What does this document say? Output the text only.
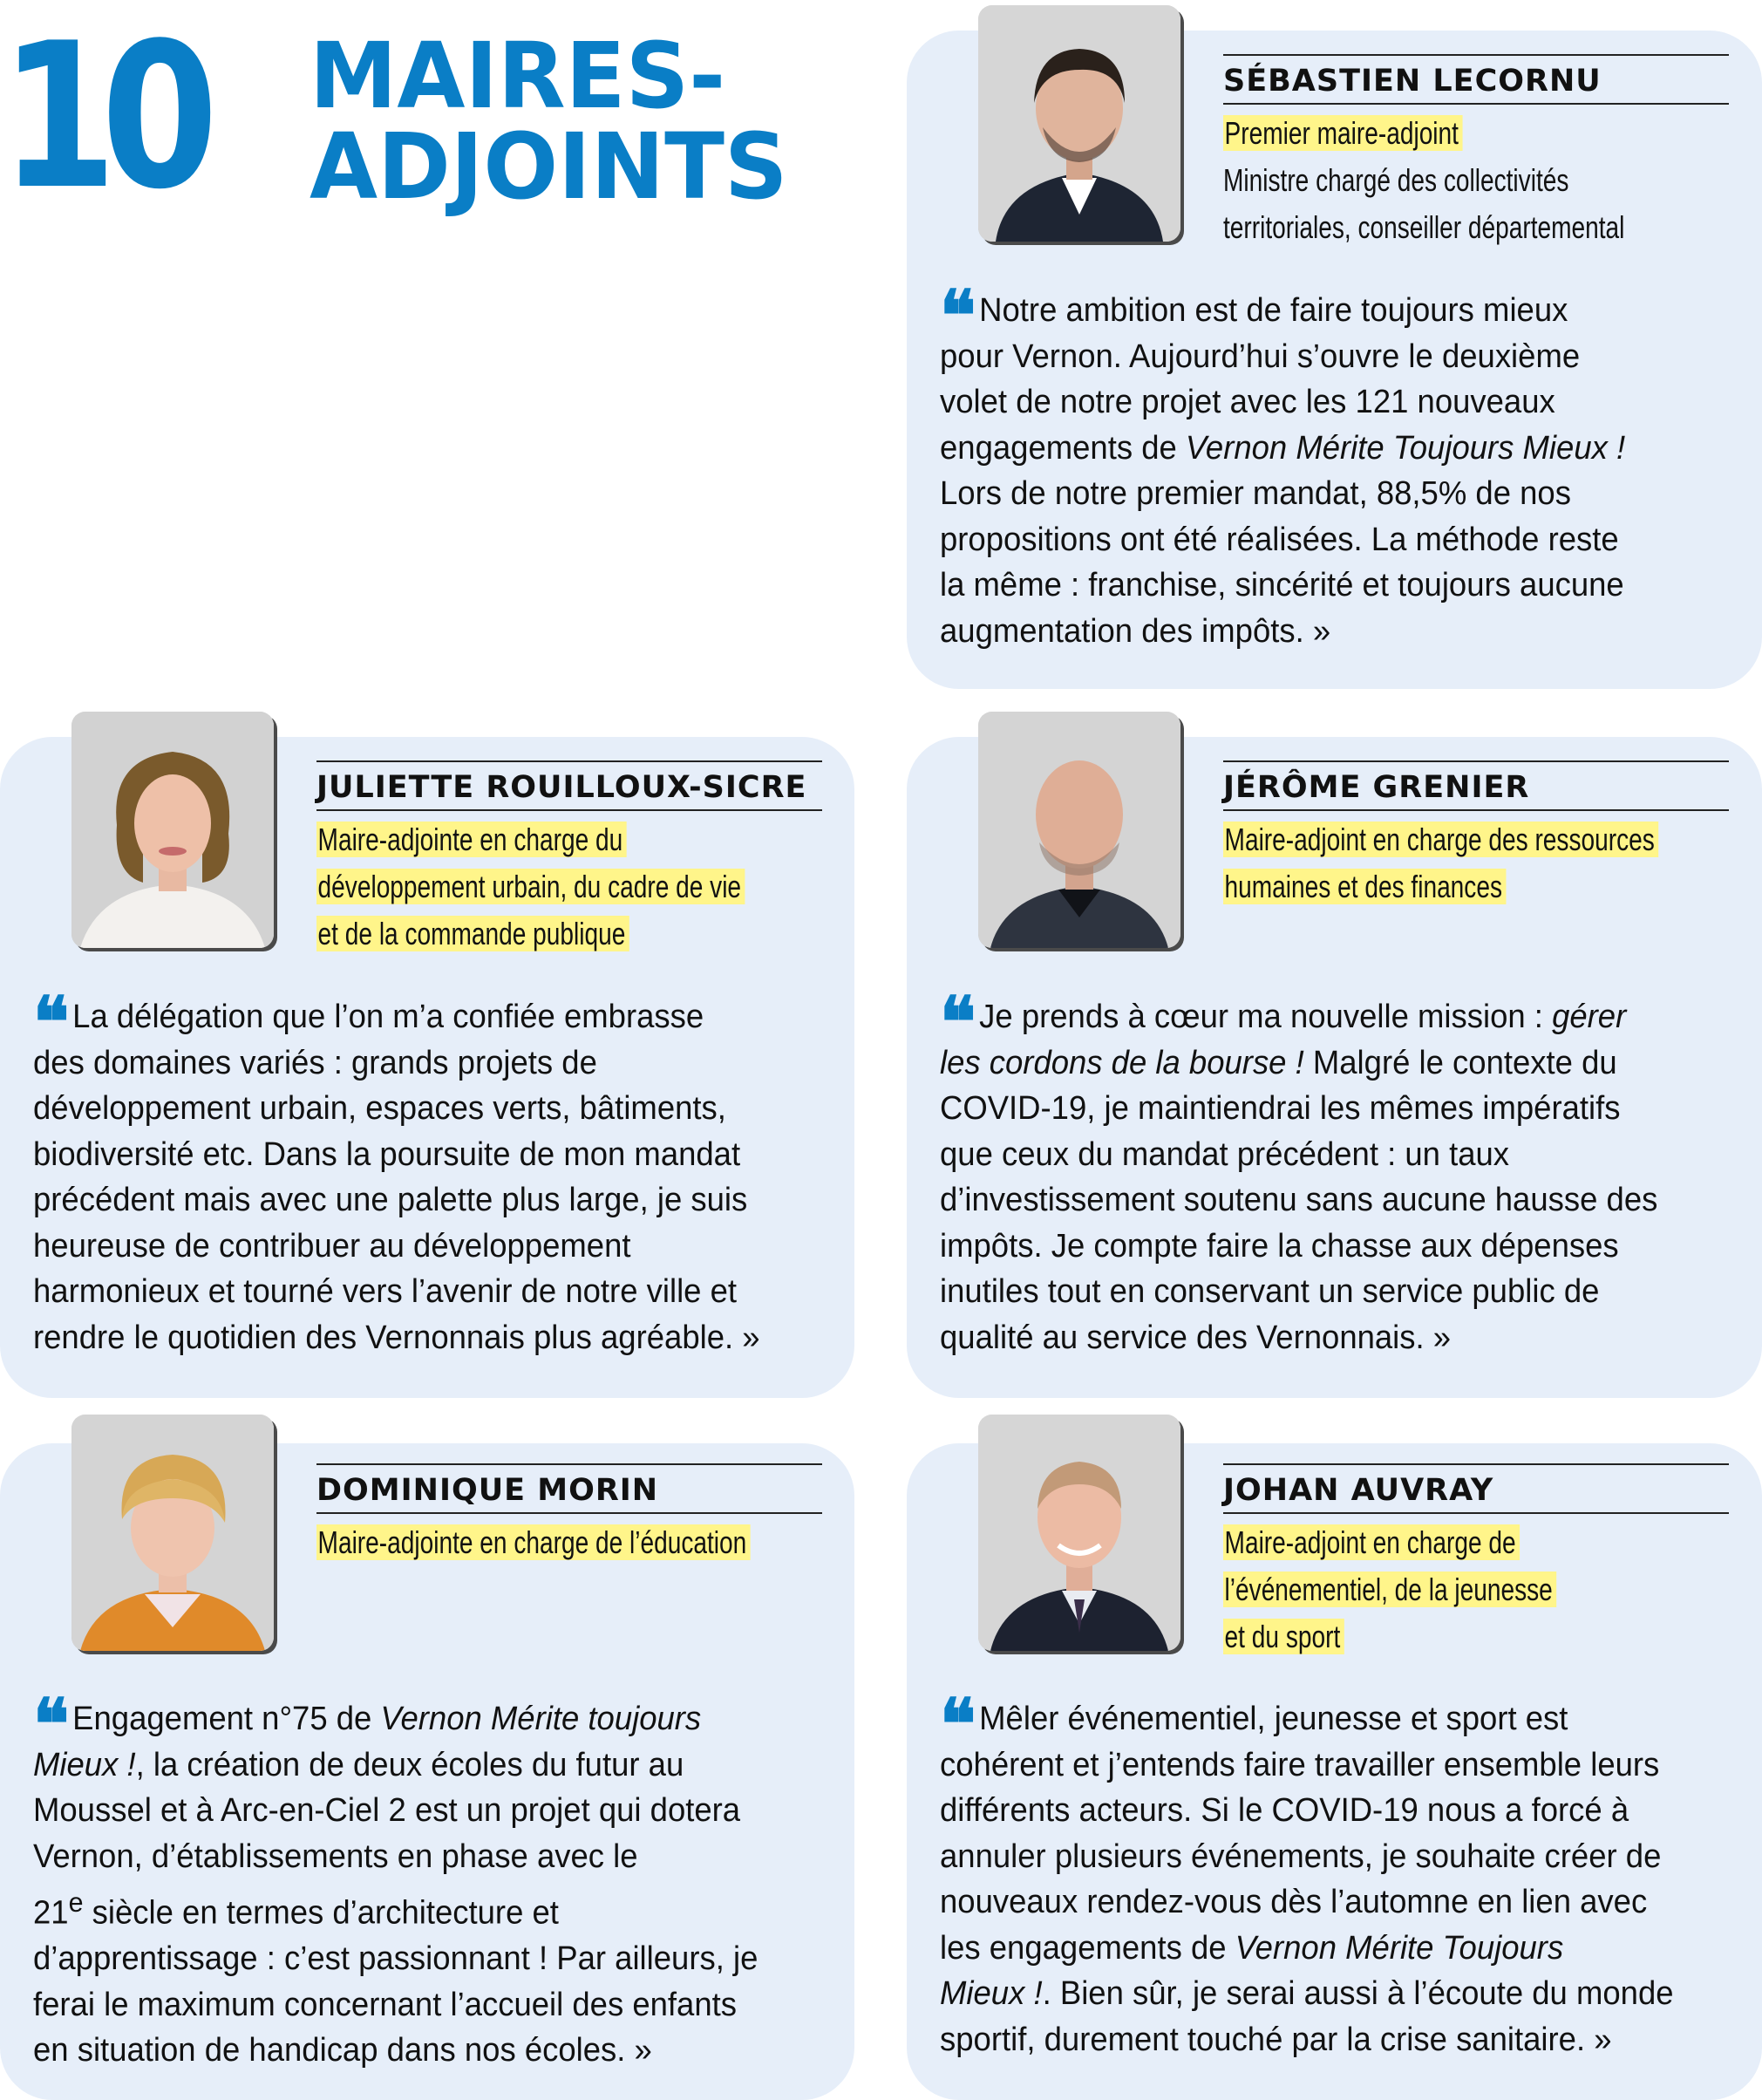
10 MAIRES-
ADJOINTS
SÉBASTIEN LECORNU
Premier maire-adjoint
Ministre chargé des collectivités
territoriales, conseiller départemental
❝ Notre ambition est de faire toujours mieux
pour Vernon. Aujourd’hui s’ouvre le deuxième
volet de notre projet avec les 121 nouveaux
engagements de Vernon Mérite Toujours Mieux !
Lors de notre premier mandat, 88,5% de nos
propositions ont été réalisées. La méthode reste
la même : franchise, sincérité et toujours aucune
augmentation des impôts. »
JULIETTE ROUILLOUX-SICRE
Maire-adjointe en charge du
développement urbain, du cadre de vie
et de la commande publique
❝ La délégation que l’on m’a confiée embrasse
des domaines variés : grands projets de
développement urbain, espaces verts, bâtiments,
biodiversité etc. Dans la poursuite de mon mandat
précédent mais avec une palette plus large, je suis
heureuse de contribuer au développement
harmonieux et tourné vers l’avenir de notre ville et
rendre le quotidien des Vernonnais plus agréable. »
JÉRÔME GRENIER
Maire-adjoint en charge des ressources
humaines et des finances
❝ Je prends à cœur ma nouvelle mission : gérer
les cordons de la bourse ! Malgré le contexte du
COVID-19, je maintiendrai les mêmes impératifs
que ceux du mandat précédent : un taux
d’investissement soutenu sans aucune hausse des
impôts. Je compte faire la chasse aux dépenses
inutiles tout en conservant un service public de
qualité au service des Vernonnais. »
DOMINIQUE MORIN
Maire-adjointe en charge de l’éducation
❝ Engagement n°75 de Vernon Mérite toujours
Mieux !, la création de deux écoles du futur au
Moussel et à Arc-en-Ciel 2 est un projet qui dotera
Vernon, d’établissements en phase avec le
21e siècle en termes d’architecture et
d’apprentissage : c’est passionnant ! Par ailleurs, je
ferai le maximum concernant l’accueil des enfants
en situation de handicap dans nos écoles. »
JOHAN AUVRAY
Maire-adjoint en charge de
l’événementiel, de la jeunesse
et du sport
❝ Mêler événementiel, jeunesse et sport est
cohérent et j’entends faire travailler ensemble leurs
différents acteurs. Si le COVID-19 nous a forcé à
annuler plusieurs événements, je souhaite créer de
nouveaux rendez-vous dès l’automne en lien avec
les engagements de Vernon Mérite Toujours
Mieux !. Bien sûr, je serai aussi à l’écoute du monde
sportif, durement touché par la crise sanitaire. »
